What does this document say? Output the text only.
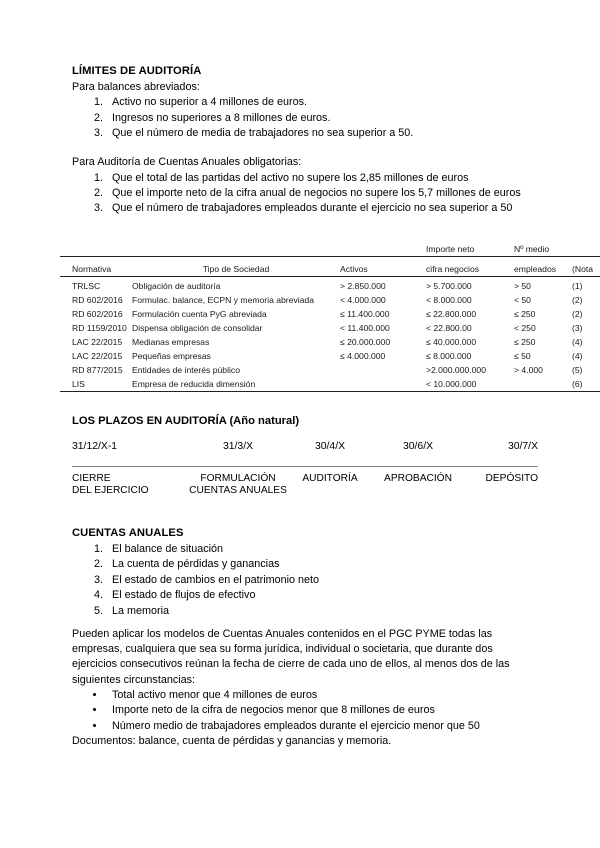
LÍMITES DE AUDITORÍA

Para balances abreviados:

1. Activo no superior a 4 millones de euros.
2. Ingresos no superiores a 8 millones de euros.
3. Que el número de media de trabajadores no sea superior a 50.

Para Auditoría de Cuentas Anuales obligatorias:

1. Que el total de las partidas del activo no supere los 2,85 millones de euros
2. Que el importe neto de la cifra anual de negocios no supere los 5,7 millones de euros
3. Que el número de trabajadores empleados durante el ejercicio no sea superior a 50
			Importe neto	Nº medio	
Normativa	Tipo de Sociedad	Activos	cifra negocios	empleados	(Nota
TRLSC	Obligación de auditoría	> 2.850.000	> 5.700.000	> 50	(1)
RD 602/2016	Formulac. balance, ECPN y memoria abreviada	< 4.000.000	< 8.000.000	< 50	(2)
RD 602/2016	Formulación cuenta PyG abreviada	≤ 11.400.000	≤ 22.800.000	≤ 250	(2)
RD 1159/2010	Dispensa obligación de consolidar	< 11.400.000	< 22.800.00	< 250	(3)
LAC 22/2015	Medianas empresas	≤ 20.000.000	≤ 40.000.000	≤ 250	(4)
LAC 22/2015	Pequeñas empresas	≤ 4.000.000	≤ 8.000.000	≤ 50	(4)
RD 877/2015	Entidades de interés público		>2.000.000.000	> 4.000	(5)
LIS	Empresa de reducida dimensión		< 10.000.000		(6)
LOS PLAZOS EN AUDITORÍA (Año natural)
31/12/X-1	31/3/X	30/4/X	30/6/X	30/7/X

CIERRE
DEL EJERCICIO

FORMULACIÓN
CUENTAS ANUALES

AUDITORÍA	APROBACIÓN	DEPÓSITO
CUENTAS ANUALES
1. El balance de situación
2. La cuenta de pérdidas y ganancias
3. El estado de cambios en el patrimonio neto
4. El estado de flujos de efectivo
5. La memoria

Pueden aplicar los modelos de Cuentas Anuales contenidos en el PGC PYME todas las empresas, cualquiera que sea su forma jurídica, individual o societaria, que durante dos ejercicios consecutivos reúnan la fecha de cierre de cada uno de ellos, al menos dos de las siguientes circunstancias:

• Total activo menor que 4 millones de euros
• Importe neto de la cifra de negocios menor que 8 millones de euros
• Número medio de trabajadores empleados durante el ejercicio menor que 50

Documentos: balance, cuenta de pérdidas y ganancias y memoria.
